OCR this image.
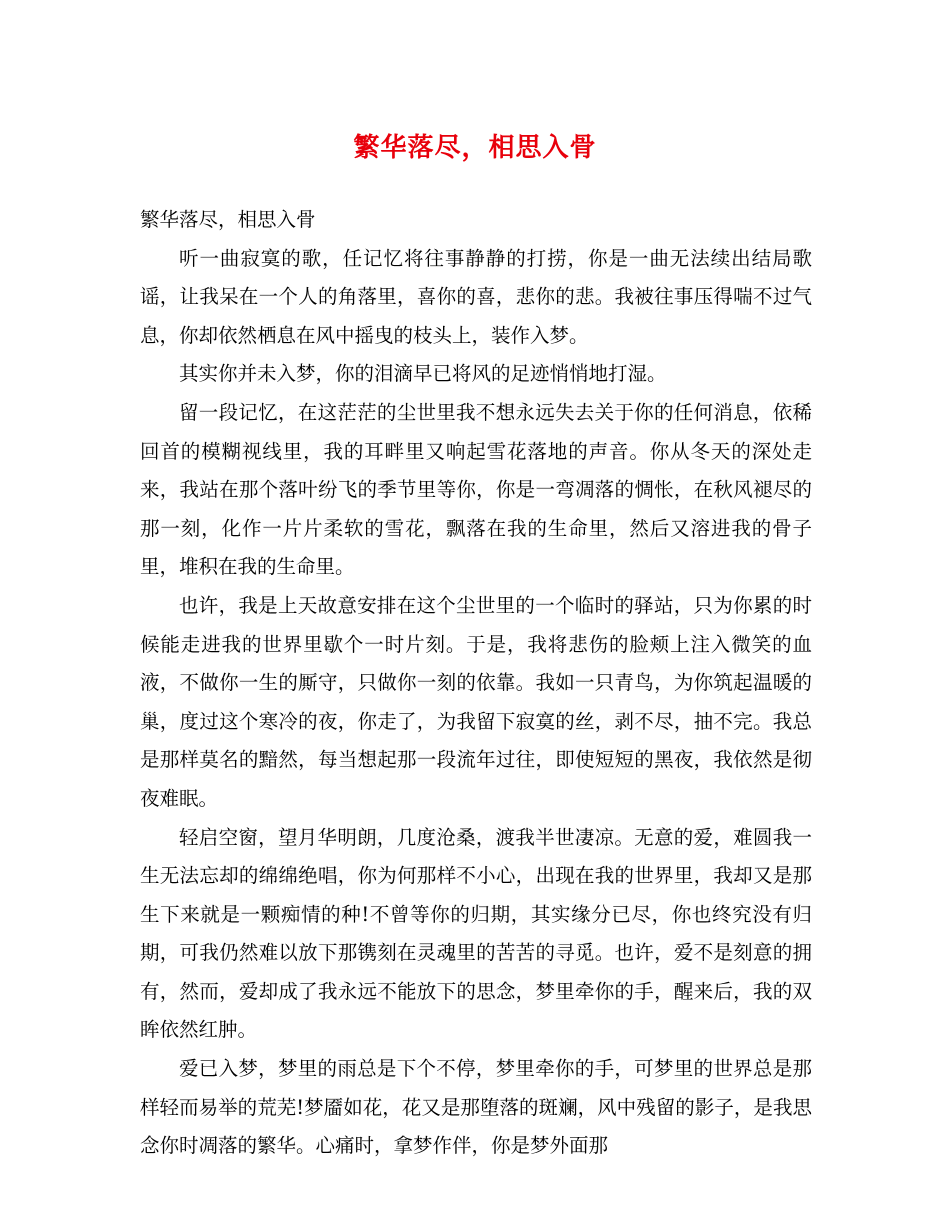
繁华落尽，相思入骨

繁华落尽，相思入骨

听一曲寂寞的歌，任记忆将往事静静的打捞，你是一曲无法续出结局歌谣，让我呆在一个人的角落里，喜你的喜，悲你的悲。我被往事压得喘不过气息，你却依然栖息在风中摇曳的枝头上，装作入梦。

其实你并未入梦，你的泪滴早已将风的足迹悄悄地打湿。

留一段记忆，在这茫茫的尘世里我不想永远失去关于你的任何消息，依稀回首的模糊视线里，我的耳畔里又响起雪花落地的声音。你从冬天的深处走来，我站在那个落叶纷飞的季节里等你，你是一弯凋落的惆怅，在秋风褪尽的那一刻，化作一片片柔软的雪花，飘落在我的生命里，然后又溶进我的骨子里，堆积在我的生命里。

也许，我是上天故意安排在这个尘世里的一个临时的驿站，只为你累的时候能走进我的世界里歇个一时片刻。于是，我将悲伤的脸颊上注入微笑的血液，不做你一生的厮守，只做你一刻的依靠。我如一只青鸟，为你筑起温暖的巢，度过这个寒冷的夜，你走了，为我留下寂寞的丝，剥不尽，抽不完。我总是那样莫名的黯然，每当想起那一段流年过往，即使短短的黑夜，我依然是彻夜难眠。

轻启空窗，望月华明朗，几度沧桑，渡我半世凄凉。无意的爱，难圆我一生无法忘却的绵绵绝唱，你为何那样不小心，出现在我的世界里，我却又是那生下来就是一颗痴情的种!不曾等你的归期，其实缘分已尽，你也终究没有归期，可我仍然难以放下那镌刻在灵魂里的苦苦的寻觅。也许，爱不是刻意的拥有，然而，爱却成了我永远不能放下的思念，梦里牵你的手，醒来后，我的双眸依然红肿。

爱已入梦，梦里的雨总是下个不停，梦里牵你的手，可梦里的世界总是那样轻而易举的荒芜!梦靥如花，花又是那堕落的斑斓，风中残留的影子，是我思念你时凋落的繁华。心痛时，拿梦作伴，你是梦外面那
